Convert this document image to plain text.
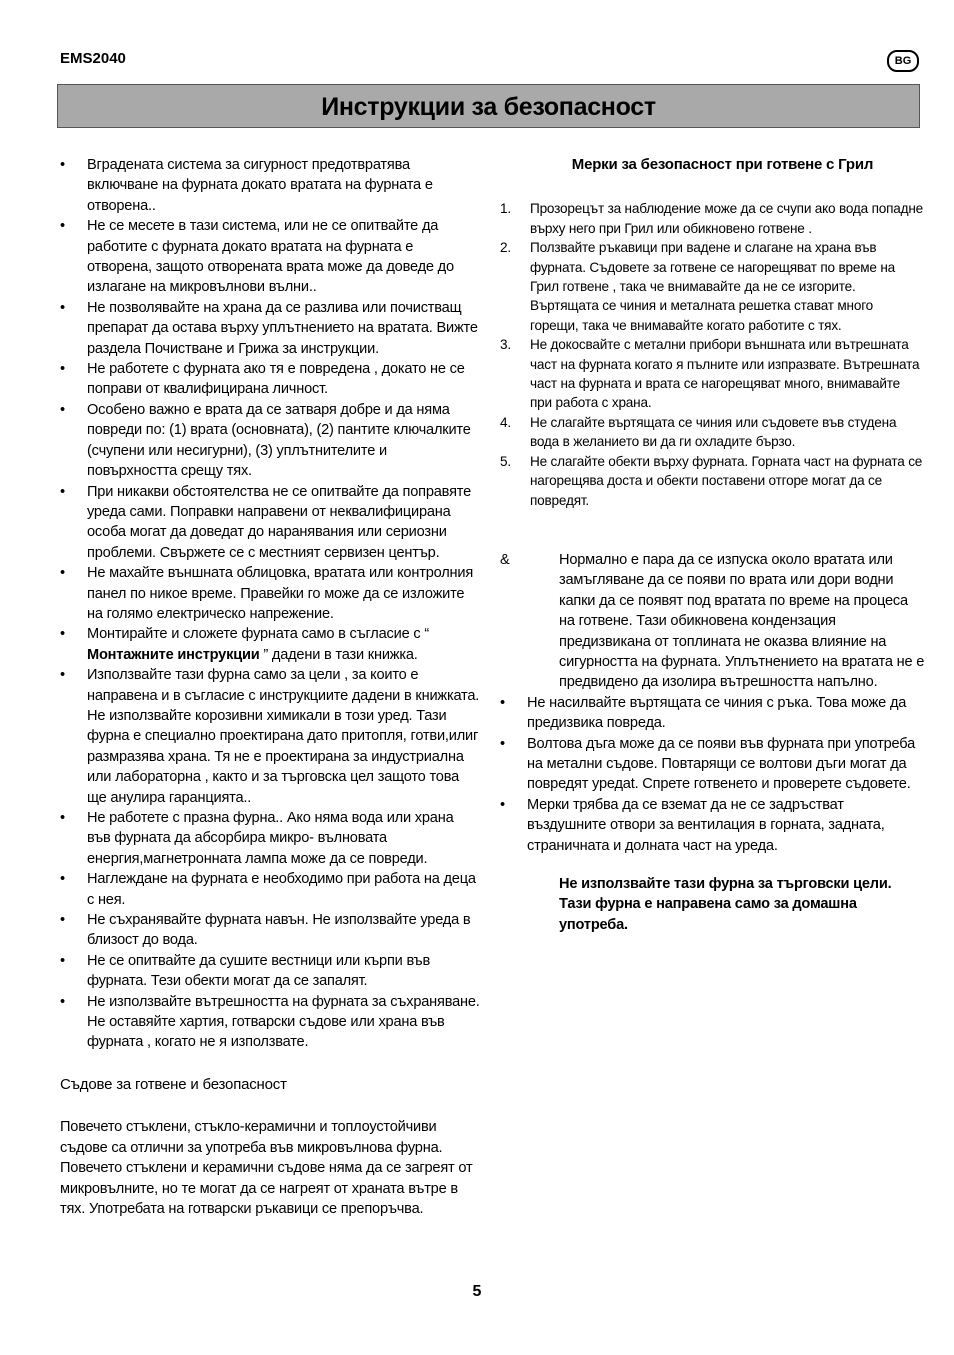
EMS2040	BG
Инструкции за безопасност
• Вградената система за сигурност предотвратява включване на фурната докато вратата на фурната е отворена..
• Не се месете в тази система, или не се опитвайте да работите с фурната докато вратата на фурната е отворена, защото отворената врата може да доведе до излагане на микровълнови вълни..
• Не позволявайте на храна да се разлива или почистващ препарат да остава върху уплътнението на вратата. Вижте раздела Почистване и Грижа за инструкции.
• Не работете с фурната ако тя е повредена , докато не се поправи от квалифицирана личност.
• Особено важно е врата да се затваря добре и да няма повреди по: (1) врата (основната), (2) пантите ключалките (счупени или несигурни), (3) уплътнителите и повърхността срещу тях.
• При никакви обстоятелства не се опитвайте да поправяте уреда сами. Поправки направени от неквалифицирана особа могат да доведат до наранявания или сериозни проблеми. Свържете се с местният сервизен център.
• Не махайте външната облицовка, вратата или контролния панел по никое време. Правейки го може да се изложите на голямо електрическо напрежение.
• Монтирайте и сложете фурната само в съгласие с “ Монтажните инструкции ” дадени в тази книжка.
• Използвайте тази фурна само за цели , за които е направена и в съгласие с инструкциите дадени в книжката. Не използвайте корозивни химикали в този уред. Тази фурна е специално проектирана дато притопля, готви,илиг размразява храна. Тя не е проектирана за индустриална или лабораторна , както и за търговска цел защото това ще анулира гаранцията..
• Не работете с празна фурна.. Ако няма вода или храна във фурната да абсорбира микро- вълновата енергия,магнетронната лампа може да се повреди.
• Наглеждане на фурната е необходимо при работа на деца с нея.
• Не съхранявайте фурната навън. Не използвайте уреда в близост до вода.
• Не се опитвайте да сушите вестници или кърпи във фурната. Тези обекти могат да се запалят.
• Не използвайте вътрешността на фурната за съхраняване. Не оставяйте хартия, готварски съдове или храна във фурната , когато не я използвате.
Съдове за готвене и безопасност
Повечето стъклени, стъкло-керамични и топлоустойчиви съдове са отлични за употреба във микровълнова фурна. Повечето стъклени и керамични съдове няма да се загреят от микровълните, но те могат да се нагреят от храната вътре в тях. Употребата на готварски ръкавици се препоръчва.
Мерки за безопасност при готвене с Грил
1. Прозорецът за наблюдение може да се счупи ако вода попадне върху него при Грил или обикновено готвене .
2. Ползвайте ръкавици при вадене и слагане на храна във фурната. Съдовете за готвене се нагорещяват по време на Грил готвене , така че внимавайте да не се изгорите. Въртящата се чиния и металната решетка стават много горещи, така че внимавайте когато работите с тях.
3. Не докосвайте с метални прибори външната или вътрешната част на фурната когато я пълните или изпразвате. Вътрешната част на фурната и врата се нагорещяват много, внимавайте при работа с храна.
4. Не слагайте въртящата се чиния или съдовете във студена вода в желанието ви да ги охладите бързо.
5. Не слагайте обекти върху фурната. Горната част на фурната се нагорещява доста и обекти поставени отгоре могат да се повредят.
&	Нормално е пара да се изпуска около вратата или замъгляване да се появи по врата или дори водни капки да се появят под вратата по време на процеса на готвене. Тази обикновена кондензация предизвикана от топлината не оказва влияние на сигурността на фурната. Уплътнението на вратата не е предвидено да изолира вътрешността напълно.
• Не насилвайте въртящата се чиния с ръка. Това може да предизвика повреда.
• Волтова дъга може да се появи във фурната при употреба на метални съдове. Повтарящи се волтови дъги могат да повредят уредat. Спрете готвенето и проверете съдовете.
• Мерки трябва да се вземат да не се задръстват въздушните отвори за вентилация в горната, задната, страничната и долната част на уреда.
Не използвайте тази фурна за търговски цели. Тази фурна е направена само за домашна употреба.
5
